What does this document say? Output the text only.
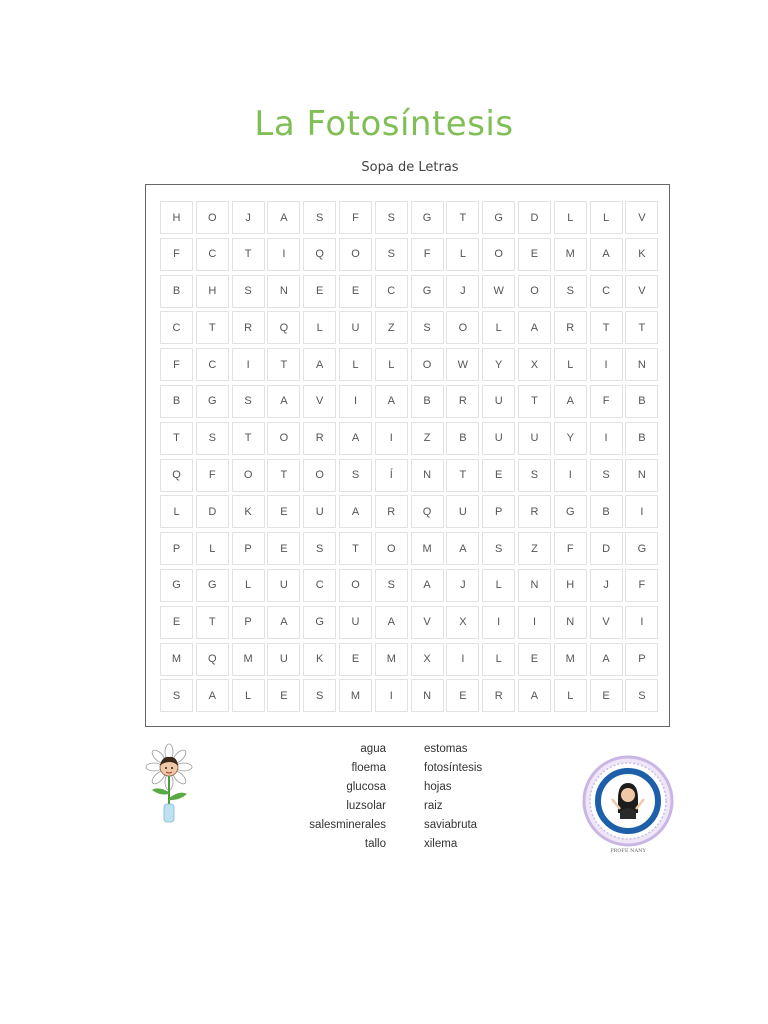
La Fotosíntesis
Sopa de Letras
H	O	J	A	S	F	S	G	T	G	D	L	L	V
F	C	T	I	Q	O	S	F	L	O	E	M	A	K
B	H	S	N	E	E	C	G	J	W	O	S	C	V
C	T	R	Q	L	U	Z	S	O	L	A	R	T	T
F	C	I	T	A	L	L	O	W	Y	X	L	I	N
B	G	S	A	V	I	A	B	R	U	T	A	F	B
T	S	T	O	R	A	I	Z	B	U	U	Y	I	B
Q	F	O	T	O	S	Í	N	T	E	S	I	S	N
L	D	K	E	U	A	R	Q	U	P	R	G	B	I
P	L	P	E	S	T	O	M	A	S	Z	F	D	G
G	G	L	U	C	O	S	A	J	L	N	H	J	F
E	T	P	A	G	U	A	V	X	I	I	N	V	I
M	Q	M	U	K	E	M	X	I	L	E	M	A	P
S	A	L	E	S	M	I	N	E	R	A	L	E	S
agua
floema
glucosa
luzsolar
salesminerales
tallo
estomas
fotosíntesis
hojas
raiz
saviabruta
xilema
PROFE NANY
